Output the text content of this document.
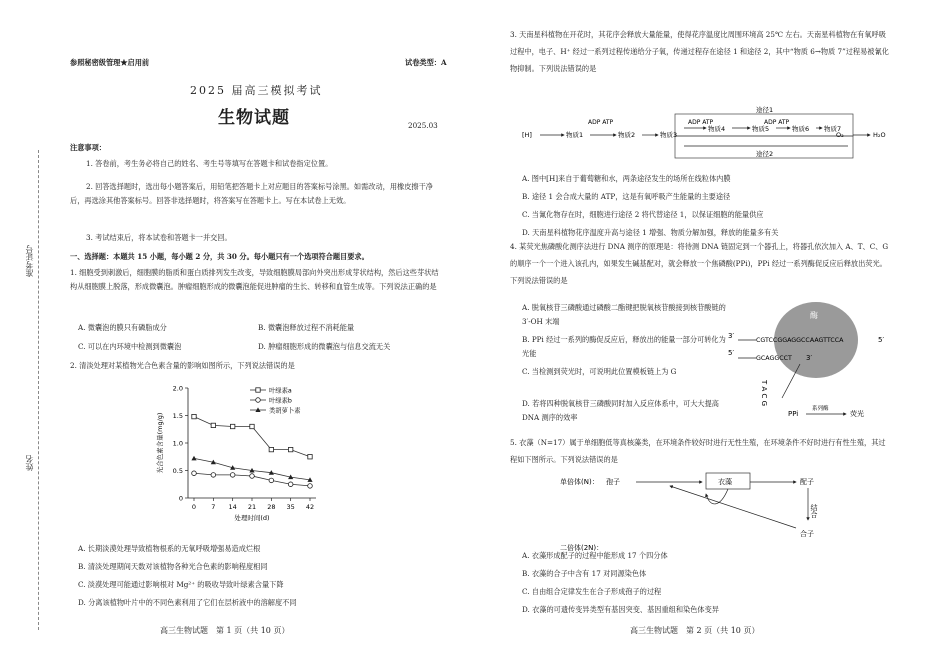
参照秘密级管理★启用前	试卷类型：A
2025 届高三模拟考试
生物试题	2025.03
准考证号
姓名
注意事项：
1. 答卷前，考生务必将自己的姓名、考生号等填写在答题卡和试卷指定位置。
2. 回答选择题时，选出每小题答案后，用铅笔把答题卡上对应题目的答案标号涂黑。如需改动，用橡皮擦干净后，再选涂其他答案标号。回答非选择题时，将答案写在答题卡上。写在本试卷上无效。
3. 考试结束后，将本试卷和答题卡一并交回。
一、选择题：本题共 15 小题，每小题 2 分，共 30 分。每小题只有一个选项符合题目要求。
1. 细胞受到刺激后，细胞膜的脂质和蛋白质排列发生改变，导致细胞膜局部向外突出形成芽状结构，然后这些芽状结构从细胞膜上脱落，形成微囊泡。肿瘤细胞形成的微囊泡能促进肿瘤的生长、转移和血管生成等。下列说法正确的是
A. 微囊泡的膜只有磷脂成分	B. 微囊泡释放过程不消耗能量
C. 可以在内环境中检测到微囊泡	D. 肿瘤细胞形成的微囊泡与信息交流无关
2. 清淡处理对某植物光合色素含量的影响如图所示，下列说法错误的是
0
0.5
1.0
1.5
2.0
0 7 14 21 28 35 42
处理时间(d)
光合色素含量(mg/g)
叶绿素a
叶绿素b
类胡萝卜素
A. 长期淡漠处理导致植物根系的无氧呼吸增强易造成烂根
B. 清淡处理期间天数对该植物各种光合色素的影响程度相同
C. 淡漠处理可能通过影响根对 Mg²⁺ 的吸收导致叶绿素含量下降
D. 分离该植物叶片中的不同色素利用了它们在层析液中的溶解度不同
高三生物试题　第 1 页（共 10 页）
3. 天南星科植物在开花时，其花序会释放大量能量，使得花序温度比周围环境高 25℃ 左右。天南星科植物在有氧呼吸过程中，电子、H⁺ 经过一系列过程传递给分子氧，传递过程存在途径 1 和途径 2，其中“物质 6→物质 7”过程易被氰化物抑制。下列说法错误的是
途径1
途径2
[H]	物质1
ADP ATP
物质2	物质3
ADP ATP
物质4	物质5
ADP ATP
物质6 物质7
O₂	H₂O
A. 图中[H]来自于葡萄糖和水，两条途径发生的场所在线粒体内膜
B. 途径 1 会合成大量的 ATP，这是有氧呼吸产生能量的主要途径
C. 当氰化物存在时，细胞进行途径 2 将代替途径 1，以保证细胞的能量供应
D. 天南星科植物花序温度升高与途径 1 增强、物质分解加强，释放的能量多有关
4. 某荧光焦磷酸化测序法进行 DNA 测序的原理是：将待测 DNA 链固定到一个器孔上，将器孔依次加入 A、T、C、G 的顺序一个一个进入该孔内，如果发生碱基配对，就会释放一个焦磷酸(PPi)，PPi 经过一系列酶促反应后释放出荧光。下列说法错误的是
A. 脱氧核苷三磷酸通过磷酸二酯键把脱氧核苷酸接到核苷酸链的 3′-OH 末端
B. PPi 经过一系列的酶促反应后，释放出的能量一部分可转化为光能
C. 当检测到荧光时，可说明此位置模板链上为 G
D. 若将四种脱氧核苷三磷酸同时加入反应体系中，可大大提高 DNA 测序的效率
酶
3′
CGTCCGGAGGCCAAGTTCCA	5′
5′
GCAGGCCT 3′
T A C G
PPi
系列酶
荧光
5. 衣藻（N=17）属于单细胞低等真核藻类，在环境条件较好时进行无性生殖，在环境条件不好时进行有性生殖，其过程如下图所示。下列说法错误的是
单倍体(N)： 孢子	衣藻	配子
结合
合子
二倍体(2N)：
A. 衣藻形成配子的过程中能形成 17 个四分体
B. 衣藻的合子中含有 17 对同源染色体
C. 自由组合定律发生在合子形成孢子的过程
D. 衣藻的可遗传变异类型有基因突变、基因重组和染色体变异
高三生物试题　第 2 页（共 10 页）
